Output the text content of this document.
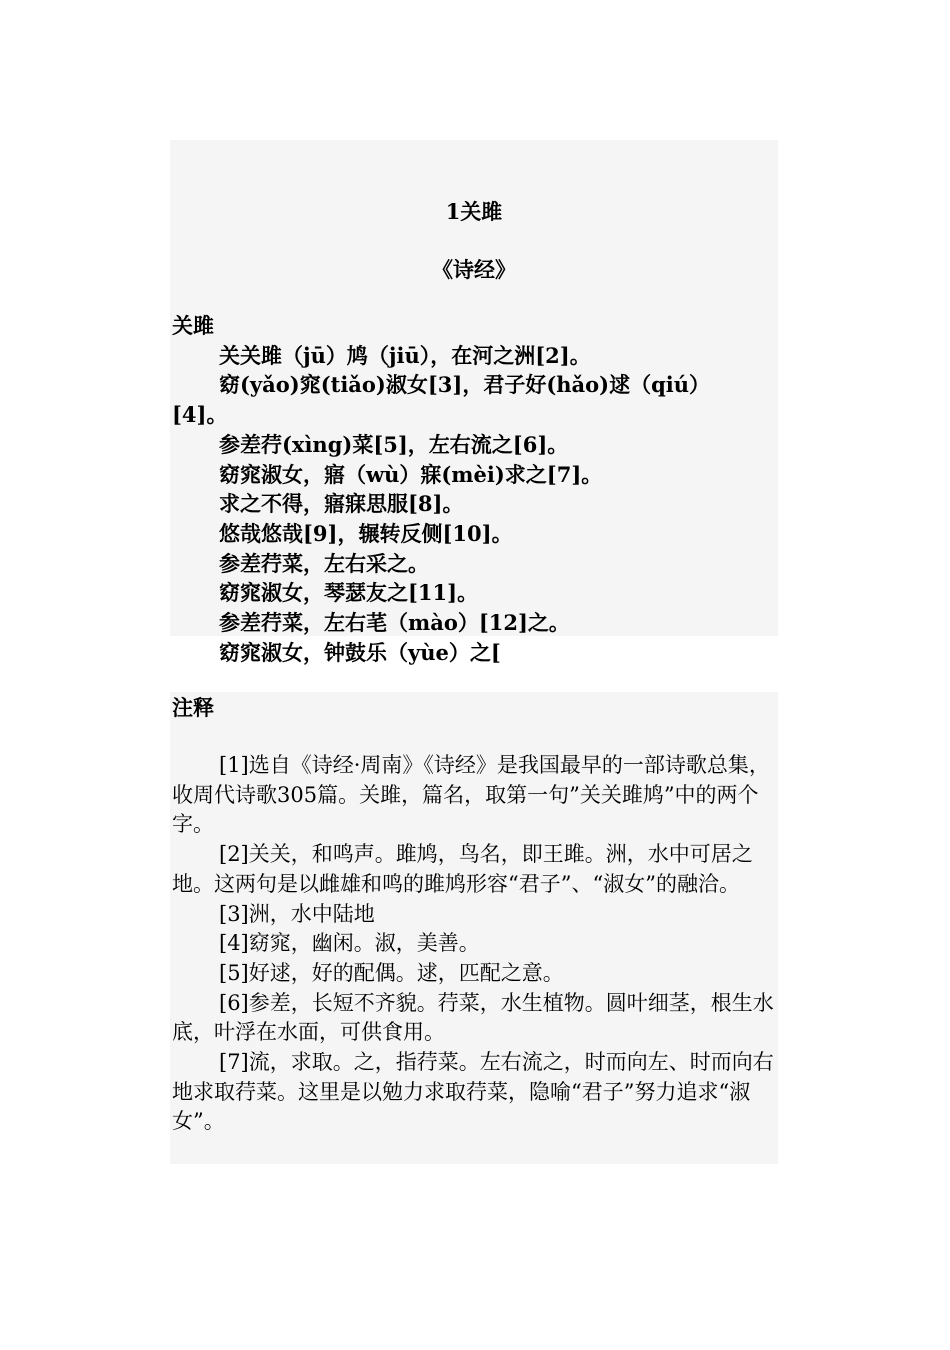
1关雎
《诗经》
关雎
关关雎（jū）鸠（jiū），在河之洲[2]。
窈(yǎo)窕(tiǎo)淑女[3]，君子好(hǎo)逑（qiú）
[4]。
参差荇(xìng)菜[5]，左右流之[6]。
窈窕淑女，寤（wù）寐(mèi)求之[7]。
求之不得，寤寐思服[8]。
悠哉悠哉[9]，辗转反侧[10]。
参差荇菜，左右采之。
窈窕淑女，琴瑟友之[11]。
参差荇菜，左右芼（mào）[12]之。
窈窕淑女，钟鼓乐（yùe）之[
注释
[1]选自《诗经·周南》《诗经》是我国最早的一部诗歌总集，收周代诗歌305篇。关雎，篇名，取第一句”关关雎鸠”中的两个字。
[2]关关，和鸣声。雎鸠，鸟名，即王雎。洲，水中可居之地。这两句是以雌雄和鸣的雎鸠形容“君子”、“淑女”的融洽。
[3]洲，水中陆地
[4]窈窕，幽闲。淑，美善。
[5]好逑，好的配偶。逑，匹配之意。
[6]参差，长短不齐貌。荇菜，水生植物。圆叶细茎，根生水底，叶浮在水面，可供食用。
[7]流，求取。之，指荇菜。左右流之，时而向左、时而向右地求取荇菜。这里是以勉力求取荇菜，隐喻“君子”努力追求“淑女”。
